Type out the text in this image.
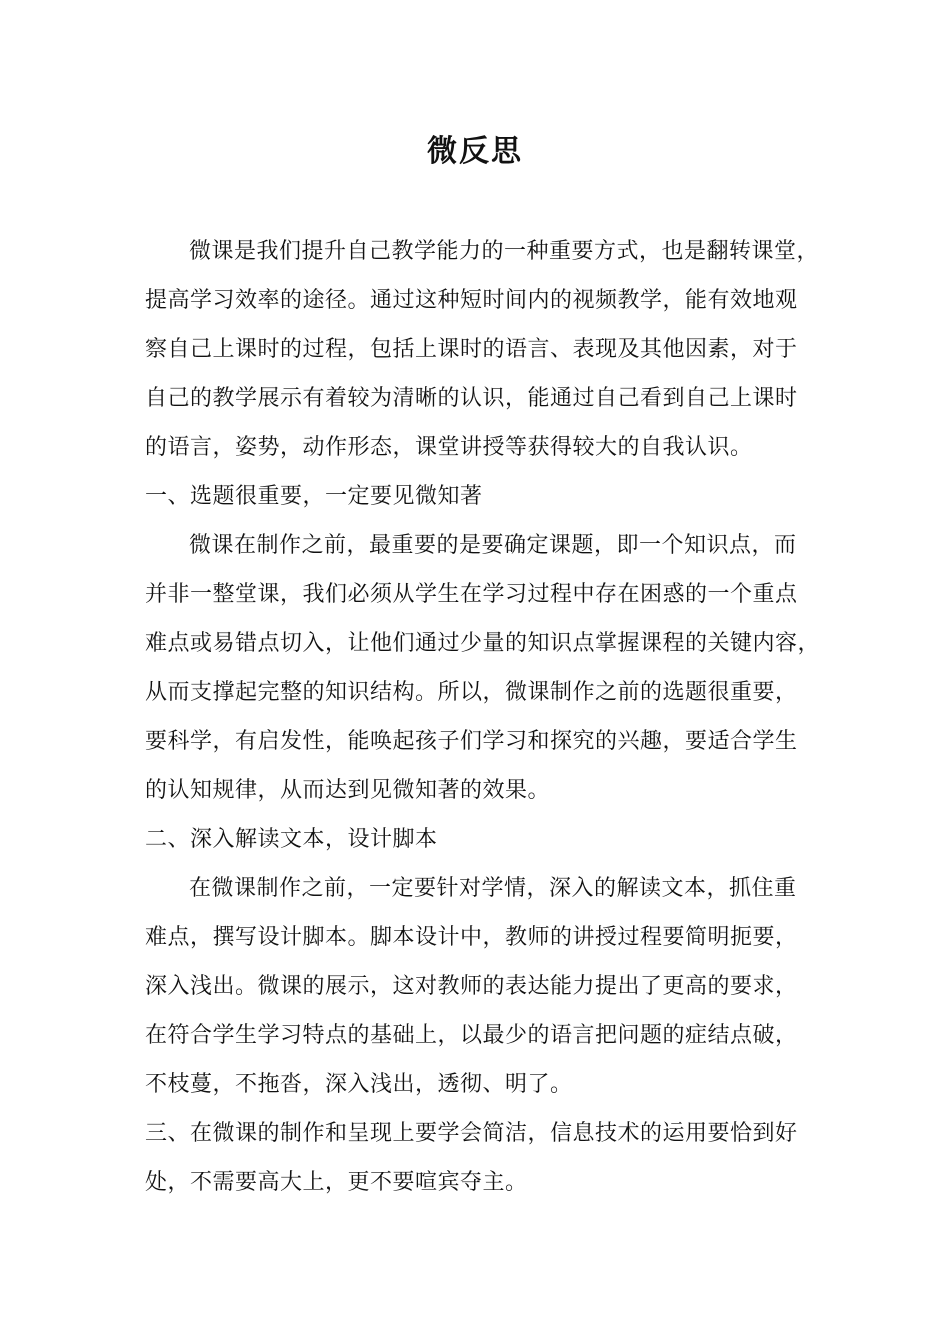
微反思
微课是我们提升自己教学能力的一种重要方式，也是翻转课堂，
提高学习效率的途径。通过这种短时间内的视频教学，能有效地观
察自己上课时的过程，包括上课时的语言、表现及其他因素，对于
自己的教学展示有着较为清晰的认识，能通过自己看到自己上课时
的语言，姿势，动作形态，课堂讲授等获得较大的自我认识。
一、选题很重要，一定要见微知著
微课在制作之前，最重要的是要确定课题，即一个知识点，而
并非一整堂课，我们必须从学生在学习过程中存在困惑的一个重点
难点或易错点切入，让他们通过少量的知识点掌握课程的关键内容，
从而支撑起完整的知识结构。所以，微课制作之前的选题很重要，
要科学，有启发性，能唤起孩子们学习和探究的兴趣，要适合学生
的认知规律，从而达到见微知著的效果。
二、深入解读文本，设计脚本
在微课制作之前，一定要针对学情，深入的解读文本，抓住重
难点，撰写设计脚本。脚本设计中，教师的讲授过程要简明扼要，
深入浅出。微课的展示，这对教师的表达能力提出了更高的要求，
在符合学生学习特点的基础上，以最少的语言把问题的症结点破，
不枝蔓，不拖沓，深入浅出，透彻、明了。
三、在微课的制作和呈现上要学会简洁，信息技术的运用要恰到好
处，不需要高大上，更不要喧宾夺主。
